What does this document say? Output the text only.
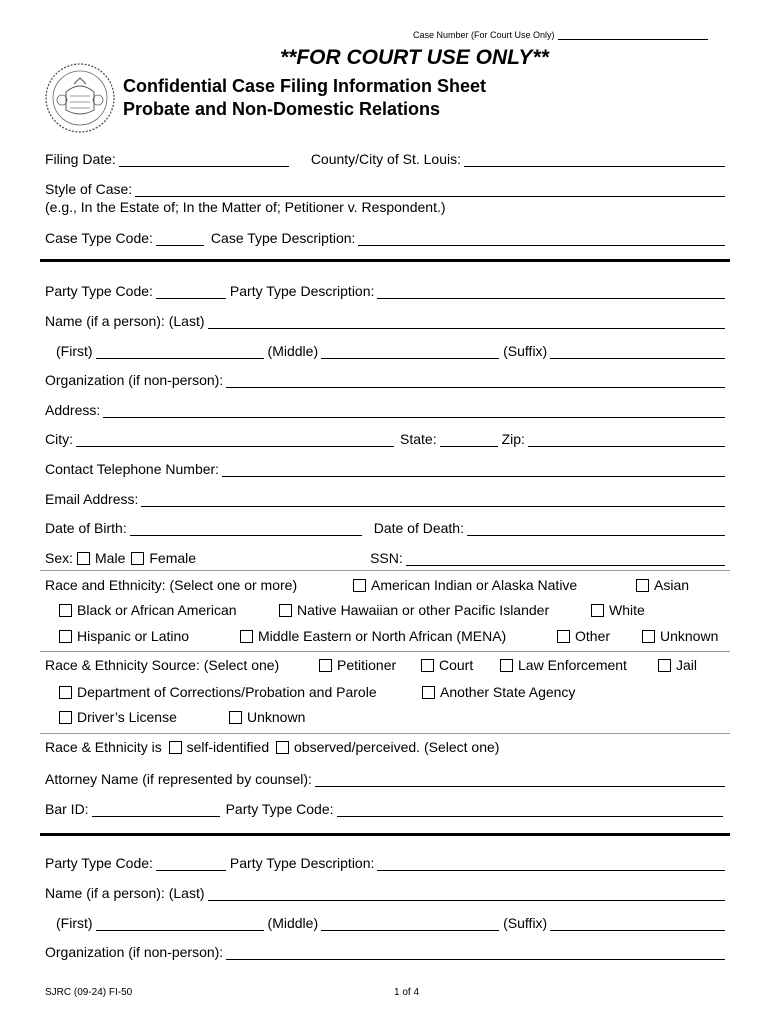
Case Number (For Court Use Only)
**FOR COURT USE ONLY**
Confidential Case Filing Information Sheet
Probate and Non-Domestic Relations
Filing Date:	County/City of St. Louis:
Style of Case:
(e.g., In the Estate of; In the Matter of; Petitioner v. Respondent.)
Case Type Code:	Case Type Description:
Party Type Code:	Party Type Description:
Name (if a person): (Last)
(First)	(Middle)	(Suffix)
Organization (if non-person):
Address:
City:	State:	Zip:
Contact Telephone Number:
Email Address:
Date of Birth:	Date of Death:
Sex:	Male	Female	SSN:
Race and Ethnicity: (Select one or more)	American Indian or Alaska Native	Asian
Black or African American	Native Hawaiian or other Pacific Islander	White
Hispanic or Latino	Middle Eastern or North African (MENA)	Other	Unknown
Race & Ethnicity Source: (Select one)	Petitioner	Court	Law Enforcement	Jail
Department of Corrections/Probation and Parole	Another State Agency
Driver’s License	Unknown
Race & Ethnicity is self-identified observed/perceived. (Select one)
Attorney Name (if represented by counsel):
Bar ID:	Party Type Code:
Party Type Code:	Party Type Description:
Name (if a person): (Last)
(First)	(Middle)	(Suffix)
Organization (if non-person):
SJRC (09-24) FI-50	1 of 4
